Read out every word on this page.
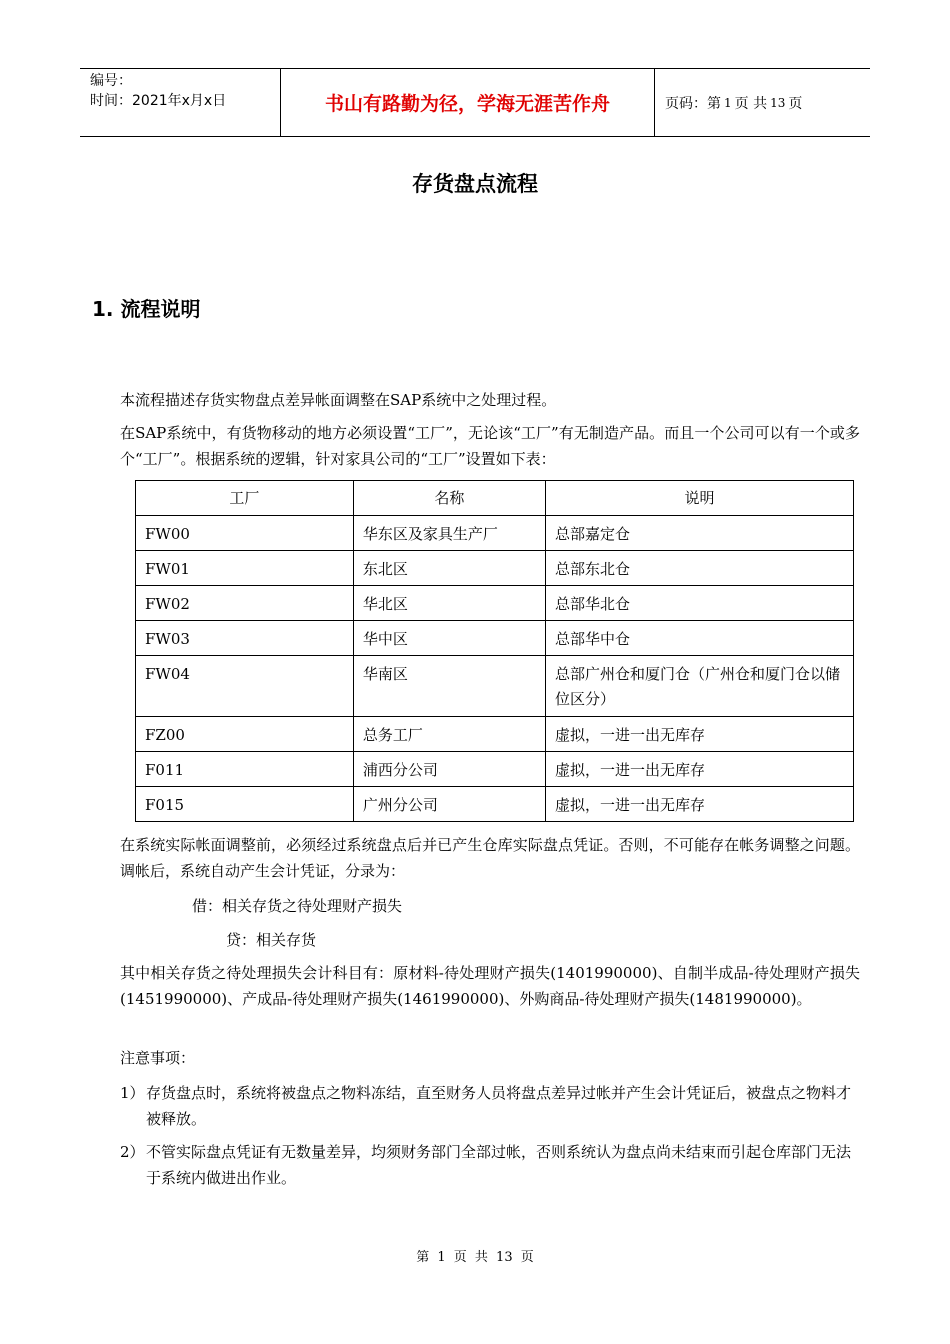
编号：
时间：2021年x月x日	书山有路勤为径，学海无涯苦作舟	页码：第 1 页 共 13 页
存货盘点流程
1. 流程说明
本流程描述存货实物盘点差异帐面调整在SAP系统中之处理过程。
在SAP系统中，有货物移动的地方必须设置“工厂”，无论该“工厂”有无制造产品。而且一个公司可以有一个或多个“工厂”。根据系统的逻辑，针对家具公司的“工厂”设置如下表：
工厂	名称	说明
FW00	华东区及家具生产厂	总部嘉定仓
FW01	东北区	总部东北仓
FW02	华北区	总部华北仓
FW03	华中区	总部华中仓
FW04	华南区	总部广州仓和厦门仓（广州仓和厦门仓以储位区分）
FZ00	总务工厂	虚拟，一进一出无库存
F011	浦西分公司	虚拟，一进一出无库存
F015	广州分公司	虚拟，一进一出无库存
在系统实际帐面调整前，必须经过系统盘点后并已产生仓库实际盘点凭证。否则，不可能存在帐务调整之问题。调帐后，系统自动产生会计凭证，分录为：
借：相关存货之待处理财产损失
贷：相关存货
其中相关存货之待处理损失会计科目有：原材料-待处理财产损失(1401990000)、自制半成品-待处理财产损失(1451990000)、产成品-待处理财产损失(1461990000)、外购商品-待处理财产损失(1481990000)。
注意事项：
1） 存货盘点时，系统将被盘点之物料冻结，直至财务人员将盘点差异过帐并产生会计凭证后，被盘点之物料才被释放。
2） 不管实际盘点凭证有无数量差异，均须财务部门全部过帐，否则系统认为盘点尚未结束而引起仓库部门无法于系统内做进出作业。
第 1 页 共 13 页
